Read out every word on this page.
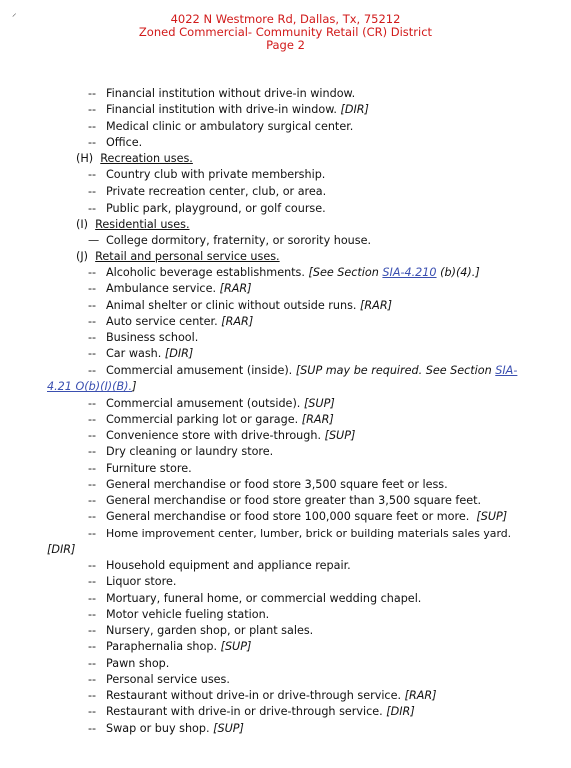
⸝	4022 N Westmore Rd, Dallas, Tx, 75212
Zoned Commercial- Community Retail (CR) District
Page 2
-- Financial institution without drive-in window.
-- Financial institution with drive-in window. [DIR]
-- Medical clinic or ambulatory surgical center.
-- Office.
(H) Recreation uses.
-- Country club with private membership.
-- Private recreation center, club, or area.
-- Public park, playground, or golf course.
(I) Residential uses.
— College dormitory, fraternity, or sorority house.
(J) Retail and personal service uses.
-- Alcoholic beverage establishments. [See Section SIA-4.210 (b)(4).]
-- Ambulance service. [RAR]
-- Animal shelter or clinic without outside runs. [RAR]
-- Auto service center. [RAR]
-- Business school.
-- Car wash. [DIR]
-- Commercial amusement (inside). [SUP may be required. See Section SIA-
4.21 O(b)(I)(B).]
-- Commercial amusement (outside). [SUP]
-- Commercial parking lot or garage. [RAR]
-- Convenience store with drive-through. [SUP]
-- Dry cleaning or laundry store.
-- Furniture store.
-- General merchandise or food store 3,500 square feet or less.
-- General merchandise or food store greater than 3,500 square feet.
-- General merchandise or food store 100,000 square feet or more. [SUP]
-- Home improvement center, lumber, brick or building materials sales yard.
[DIR]
-- Household equipment and appliance repair.
-- Liquor store.
-- Mortuary, funeral home, or commercial wedding chapel.
-- Motor vehicle fueling station.
-- Nursery, garden shop, or plant sales.
-- Paraphernalia shop. [SUP]
-- Pawn shop.
-- Personal service uses.
-- Restaurant without drive-in or drive-through service. [RAR]
-- Restaurant with drive-in or drive-through service. [DIR]
-- Swap or buy shop. [SUP]
